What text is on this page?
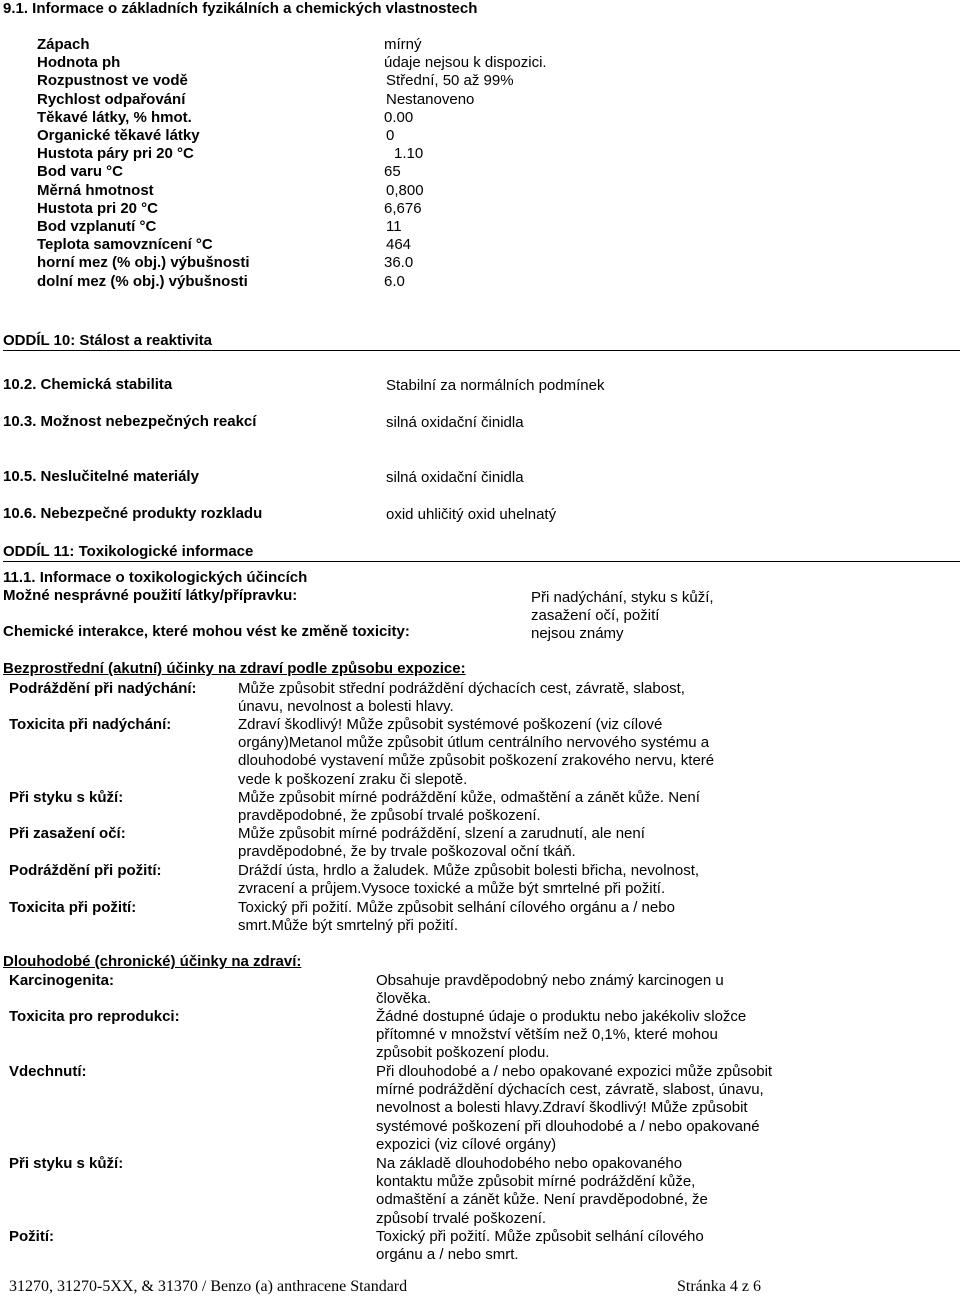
9.1. Informace o základních fyzikálních a chemických vlastnostech
Zápach	mírný
Hodnota ph	údaje nejsou k dispozici.
Rozpustnost ve vodě	Střední, 50 až 99%
Rychlost odpařování	Nestanoveno
Těkavé látky, % hmot.	0.00
Organické těkavé látky	0
Hustota páry pri 20 °C	1.10
Bod varu °C	65
Měrná hmotnost	0,800
Hustota pri 20 °C	6,676
Bod vzplanutí °C	11
Teplota samovznícení °C	464
horní mez (% obj.) výbušnosti	36.0
dolní mez (% obj.) výbušnosti	6.0
ODDÍL 10: Stálost a reaktivita
10.2. Chemická stabilita	Stabilní za normálních podmínek
10.3. Možnost nebezpečných reakcí	silná oxidační činidla
10.5. Neslučitelné materiály	silná oxidační činidla
10.6. Nebezpečné produkty rozkladu	oxid uhličitý oxid uhelnatý
ODDÍL 11: Toxikologické informace
11.1. Informace o toxikologických účincích
Možné nesprávné použití látky/přípravku:	Při nadýchání, styku s kůží,
zasažení očí, požití
Chemické interakce, které mohou vést ke změně toxicity:	nejsou známy
Bezprostřední (akutní) účinky na zdraví podle způsobu expozice:
Podráždění při nadýchání:	Může způsobit střední podráždění dýchacích cest, závratě, slabost,
únavu, nevolnost a bolesti hlavy.
Toxicita při nadýchání:	Zdraví škodlivý! Může způsobit systémové poškození (viz cílové
orgány)Metanol může způsobit útlum centrálního nervového systému a
dlouhodobé vystavení může způsobit poškození zrakového nervu, které
vede k poškození zraku či slepotě.
Při styku s kůží:	Může způsobit mírné podráždění kůže, odmaštění a zánět kůže. Není
pravděpodobné, že způsobí trvalé poškození.
Při zasažení očí:	Může způsobit mírné podráždění, slzení a zarudnutí, ale není
pravděpodobné, že by trvale poškozoval oční tkáň.
Podráždění při požití:	Dráždí ústa, hrdlo a žaludek. Může způsobit bolesti břicha, nevolnost,
zvracení a průjem.Vysoce toxické a může být smrtelné při požití.
Toxicita při požití:	Toxický při požití. Může způsobit selhání cílového orgánu a / nebo
smrt.Může být smrtelný při požití.
Dlouhodobé (chronické) účinky na zdraví:
Karcinogenita:	Obsahuje pravděpodobný nebo známý karcinogen u
člověka.
Toxicita pro reprodukci:	Žádné dostupné údaje o produktu nebo jakékoliv složce
přítomné v množství větším než 0,1%, které mohou
způsobit poškození plodu.
Vdechnutí:	Při dlouhodobé a / nebo opakované expozici může způsobit
mírné podráždění dýchacích cest, závratě, slabost, únavu,
nevolnost a bolesti hlavy.Zdraví škodlivý! Může způsobit
systémové poškození při dlouhodobé a / nebo opakované
expozici (viz cílové orgány)
Při styku s kůží:	Na základě dlouhodobého nebo opakovaného
kontaktu může způsobit mírné podráždění kůže,
odmaštění a zánět kůže. Není pravděpodobné, že
způsobí trvalé poškození.
Požití:	Toxický při požití. Může způsobit selhání cílového
orgánu a / nebo smrt.
31270, 31270-5XX, & 31370 / Benzo (a) anthracene Standard	Stránka 4 z 6
